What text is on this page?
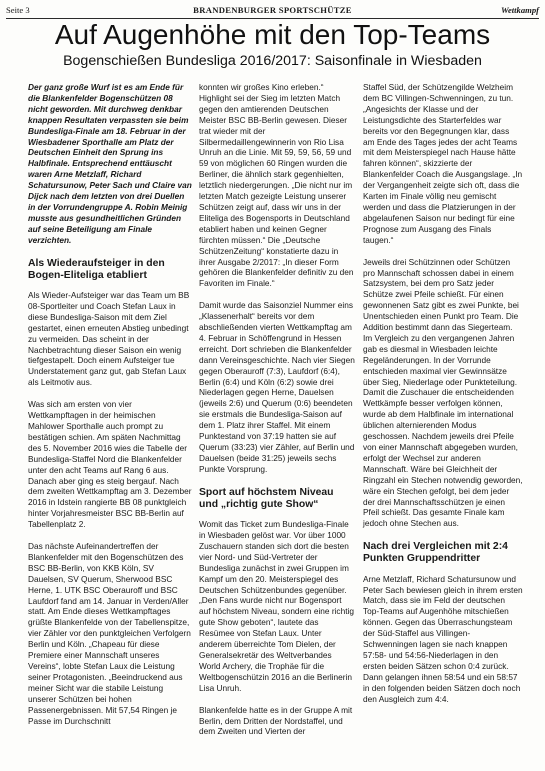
Seite 3	BRANDENBURGER SPORTSCHÜTZE	Wettkampf
Auf Augenhöhe mit den Top-Teams
Bogenschießen Bundesliga 2016/2017: Saisonfinale in Wiesbaden

Der ganz große Wurf ist es am Ende für die Blankenfelder Bogenschützen 08 nicht geworden. Mit durchweg denkbar knappen Resultaten verpassten sie beim Bundesliga-Finale am 18. Februar in der Wiesbadener Sporthalle am Platz der Deutschen Einheit den Sprung ins Halbfinale. Entsprechend enttäuscht waren Arne Metzlaff, Richard Schatursunow, Peter Sach und Claire van Dijck nach dem letzten von drei Duellen in der Vorrundengruppe A. Robin Meinig musste aus gesundheitlichen Gründen auf seine Beteiligung am Finale verzichten.

Als Wiederaufsteiger in den Bogen-Eliteliga etabliert

Als Wieder-Aufsteiger war das Team um BB 08-Sportleiter und Coach Stefan Laux in diese Bundesliga-Saison mit dem Ziel gestartet, einen erneuten Abstieg unbedingt zu vermeiden. Das scheint in der Nachbetrachtung dieser Saison ein wenig tiefgestapelt. Doch einem Aufsteiger tue Understatement ganz gut, gab Stefan Laux als Leitmotiv aus.

Was sich am ersten von vier Wettkampftagen in der heimischen Mahlower Sporthalle auch prompt zu bestätigen schien. Am späten Nachmittag des 5. November 2016 wies die Tabelle der Bundesliga-Staffel Nord die Blankenfelder unter den acht Teams auf Rang 6 aus. Danach aber ging es steig bergauf. Nach dem zweiten Wettkampftag am 3. Dezember 2016 in Idstein rangierte BB 08 punktgleich hinter Vorjahresmeister BSC BB-Berlin auf Tabellenplatz 2.

Das nächste Aufeinandertreffen der Blankenfelder mit den Bogenschützen des BSC BB-Berlin, von KKB Köln, SV Dauelsen, SV Querum, Sherwood BSC Herne, 1. UTK BSC Oberauroff und BSC Laufdorf fand am 14. Januar in Verden/Aller statt. Am Ende dieses Wettkampftages grüßte Blankenfelde von der Tabellenspitze, vier Zähler vor den punktgleichen Verfolgern Berlin und Köln. „Chapeau für diese Premiere einer Mannschaft unseres Vereins“, lobte Stefan Laux die Leistung seiner Protagonisten. „Beeindruckend aus meiner Sicht war die stabile Leistung unserer Schützen bei hohen Passenergebnissen. Mit 57,54 Ringen je Passe im Durchschnitt

konnten wir großes Kino erleben.“ Highlight sei der Sieg im letzten Match gegen den amtierenden Deutschen Meister BSC BB-Berlin gewesen. Dieser trat wieder mit der Silbermedaillengewinnerin von Rio Lisa Unruh an die Linie. Mit 59, 59, 56, 59 und 59 von möglichen 60 Ringen wurden die Berliner, die ähnlich stark gegenhielten, letztlich niedergerungen. „Die nicht nur im letzten Match gezeigte Leistung unserer Schützen zeigt auf, dass wir uns in der Eliteliga des Bogensports in Deutschland etabliert haben und keinen Gegner fürchten müssen.“ Die „Deutsche SchützenZeitung“ konstatierte dazu in ihrer Ausgabe 2/2017: „In dieser Form gehören die Blankenfelder definitiv zu den Favoriten im Finale.“

Damit wurde das Saisonziel Nummer eins „Klassenerhalt“ bereits vor dem abschließenden vierten Wettkampftag am 4. Februar in Schöffengrund in Hessen erreicht. Dort schrieben die Blankenfelder dann Vereinsgeschichte. Nach vier Siegen gegen Oberauroff (7:3), Laufdorf (6:4), Berlin (6:4) und Köln (6:2) sowie drei Niederlagen gegen Herne, Dauelsen (jeweils 2:6) und Querum (0:6) beendeten sie erstmals die Bundesliga-Saison auf dem 1. Platz ihrer Staffel. Mit einem Punktestand von 37:19 hatten sie auf Querum (33:23) vier Zähler, auf Berlin und Dauelsen (beide 31:25) jeweils sechs Punkte Vorsprung.

Sport auf höchstem Niveau und „richtig gute Show“

Womit das Ticket zum Bundesliga-Finale in Wiesbaden gelöst war. Vor über 1000 Zuschauern standen sich dort die besten vier Nord- und Süd-Vertreter der Bundesliga zunächst in zwei Gruppen im Kampf um den 20. Meisterspiegel des Deutschen Schützenbundes gegenüber. „Den Fans wurde nicht nur Bogensport auf höchstem Niveau, sondern eine richtig gute Show geboten“, lautete das Resümee von Stefan Laux. Unter anderem überreichte Tom Dielen, der Generalsekretär des Weltverbandes World Archery, die Trophäe für die Weltbogenschützin 2016 an die Berlinerin Lisa Unruh.

Blankenfelde hatte es in der Gruppe A mit Berlin, dem Dritten der Nordstaffel, und dem Zweiten und Vierten der

Staffel Süd, der Schützengilde Welzheim dem BC Villingen-Schwenningen, zu tun. „Angesichts der Klasse und der Leistungsdichte des Starterfeldes war bereits vor den Begegnungen klar, dass am Ende des Tages jedes der acht Teams mit dem Meisterspiegel nach Hause hätte fahren können“, skizzierte der Blankenfelder Coach die Ausgangslage. „In der Vergangenheit zeigte sich oft, dass die Karten im Finale völlig neu gemischt werden und dass die Platzierungen in der abgelaufenen Saison nur bedingt für eine Prognose zum Ausgang des Finals taugen.“

Jeweils drei Schützinnen oder Schützen pro Mannschaft schossen dabei in einem Satzsystem, bei dem pro Satz jeder Schütze zwei Pfeile schießt. Für einen gewonnenen Satz gibt es zwei Punkte, bei Unentschieden einen Punkt pro Team. Die Addition bestimmt dann das Siegerteam. Im Vergleich zu den vergangenen Jahren gab es diesmal in Wiesbaden leichte Regeländerungen. In der Vorrunde entschieden maximal vier Gewinnsätze über Sieg, Niederlage oder Punkteteilung. Damit die Zuschauer die entscheidenden Wettkämpfe besser verfolgen können, wurde ab dem Halbfinale im international üblichen alternierenden Modus geschossen. Nachdem jeweils drei Pfeile von einer Mannschaft abgegeben wurden, erfolgt der Wechsel zur anderen Mannschaft. Wäre bei Gleichheit der Ringzahl ein Stechen notwendig geworden, wäre ein Stechen gefolgt, bei dem jeder der drei Mannschaftsschützen je einen Pfeil schießt. Das gesamte Finale kam jedoch ohne Stechen aus.

Nach drei Vergleichen mit 2:4 Punkten Gruppendritter

Arne Metzlaff, Richard Schatursunow und Peter Sach bewiesen gleich in ihrem ersten Match, dass sie im Feld der deutschen Top-Teams auf Augenhöhe mitschießen können. Gegen das Überraschungsteam der Süd-Staffel aus Villingen-Schwenningen lagen sie nach knappen 57:58- und 54:56-Niederlagen in den ersten beiden Sätzen schon 0:4 zurück. Dann gelangen ihnen 58:54 und ein 58:57 in den folgenden beiden Sätzen doch noch den Ausgleich zum 4:4.
